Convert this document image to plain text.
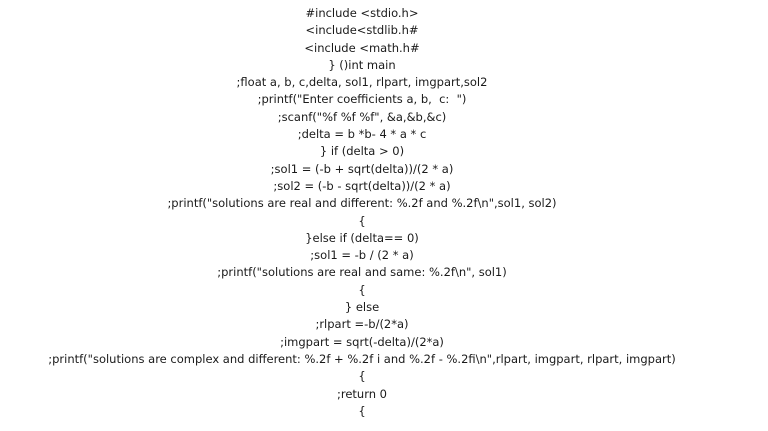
#include <stdio.h>
<include<stdlib.h#
<include <math.h#
} ()int main
;float a, b, c,delta, sol1, rlpart, imgpart,sol2
;printf("Enter coefficients a, b,  c:  ")
;scanf("%f %f %f", &a,&b,&c)
;delta = b *b- 4 * a * c
} if (delta > 0)
;sol1 = (-b + sqrt(delta))/(2 * a)
;sol2 = (-b - sqrt(delta))/(2 * a)
;printf("solutions are real and different: %.2f and %.2f\n",sol1, sol2)
{
}else if (delta== 0)
;sol1 = -b / (2 * a)
;printf("solutions are real and same: %.2f\n", sol1)
{
} else
;rlpart =-b/(2*a)
;imgpart = sqrt(-delta)/(2*a)
;printf("solutions are complex and different: %.2f + %.2f i and %.2f - %.2fi\n",rlpart, imgpart, rlpart, imgpart)
{
;return 0
{
